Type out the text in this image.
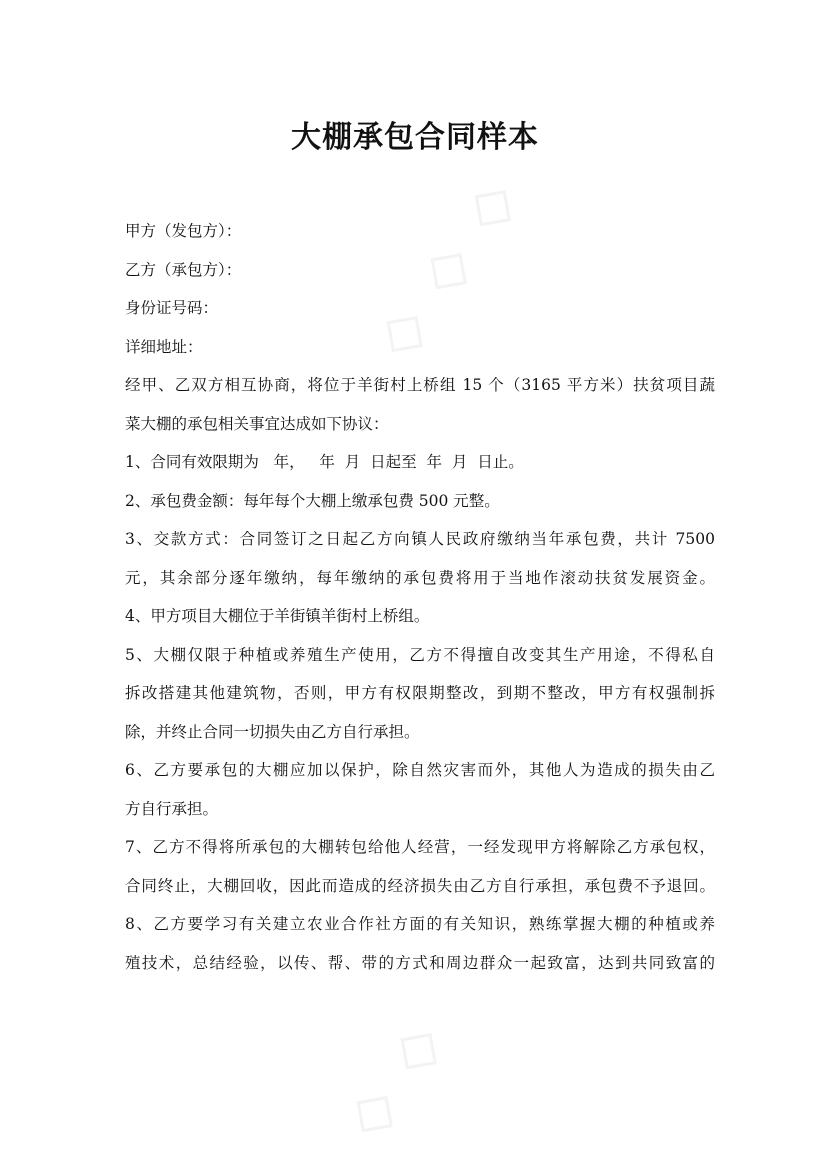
大棚承包合同样本
甲方（发包方）：
乙方（承包方）：
身份证号码：
详细地址：
经甲、乙双方相互协商，将位于羊街村上桥组 15 个（3165 平方米）扶贫项目蔬
菜大棚的承包相关事宜达成如下协议：
1、合同有效限期为   年，   年  月  日起至  年  月  日止。
2、承包费金额：每年每个大棚上缴承包费 500 元整。
3、交款方式：合同签订之日起乙方向镇人民政府缴纳当年承包费，共计 7500
元，其余部分逐年缴纳，每年缴纳的承包费将用于当地作滚动扶贫发展资金。
4、甲方项目大棚位于羊街镇羊街村上桥组。
5、大棚仅限于种植或养殖生产使用，乙方不得擅自改变其生产用途，不得私自
拆改搭建其他建筑物，否则，甲方有权限期整改，到期不整改，甲方有权强制拆
除，并终止合同一切损失由乙方自行承担。
6、乙方要承包的大棚应加以保护，除自然灾害而外，其他人为造成的损失由乙
方自行承担。
7、乙方不得将所承包的大棚转包给他人经营，一经发现甲方将解除乙方承包权，
合同终止，大棚回收，因此而造成的经济损失由乙方自行承担，承包费不予退回。
8、乙方要学习有关建立农业合作社方面的有关知识，熟练掌握大棚的种植或养
殖技术，总结经验，以传、帮、带的方式和周边群众一起致富，达到共同致富的
